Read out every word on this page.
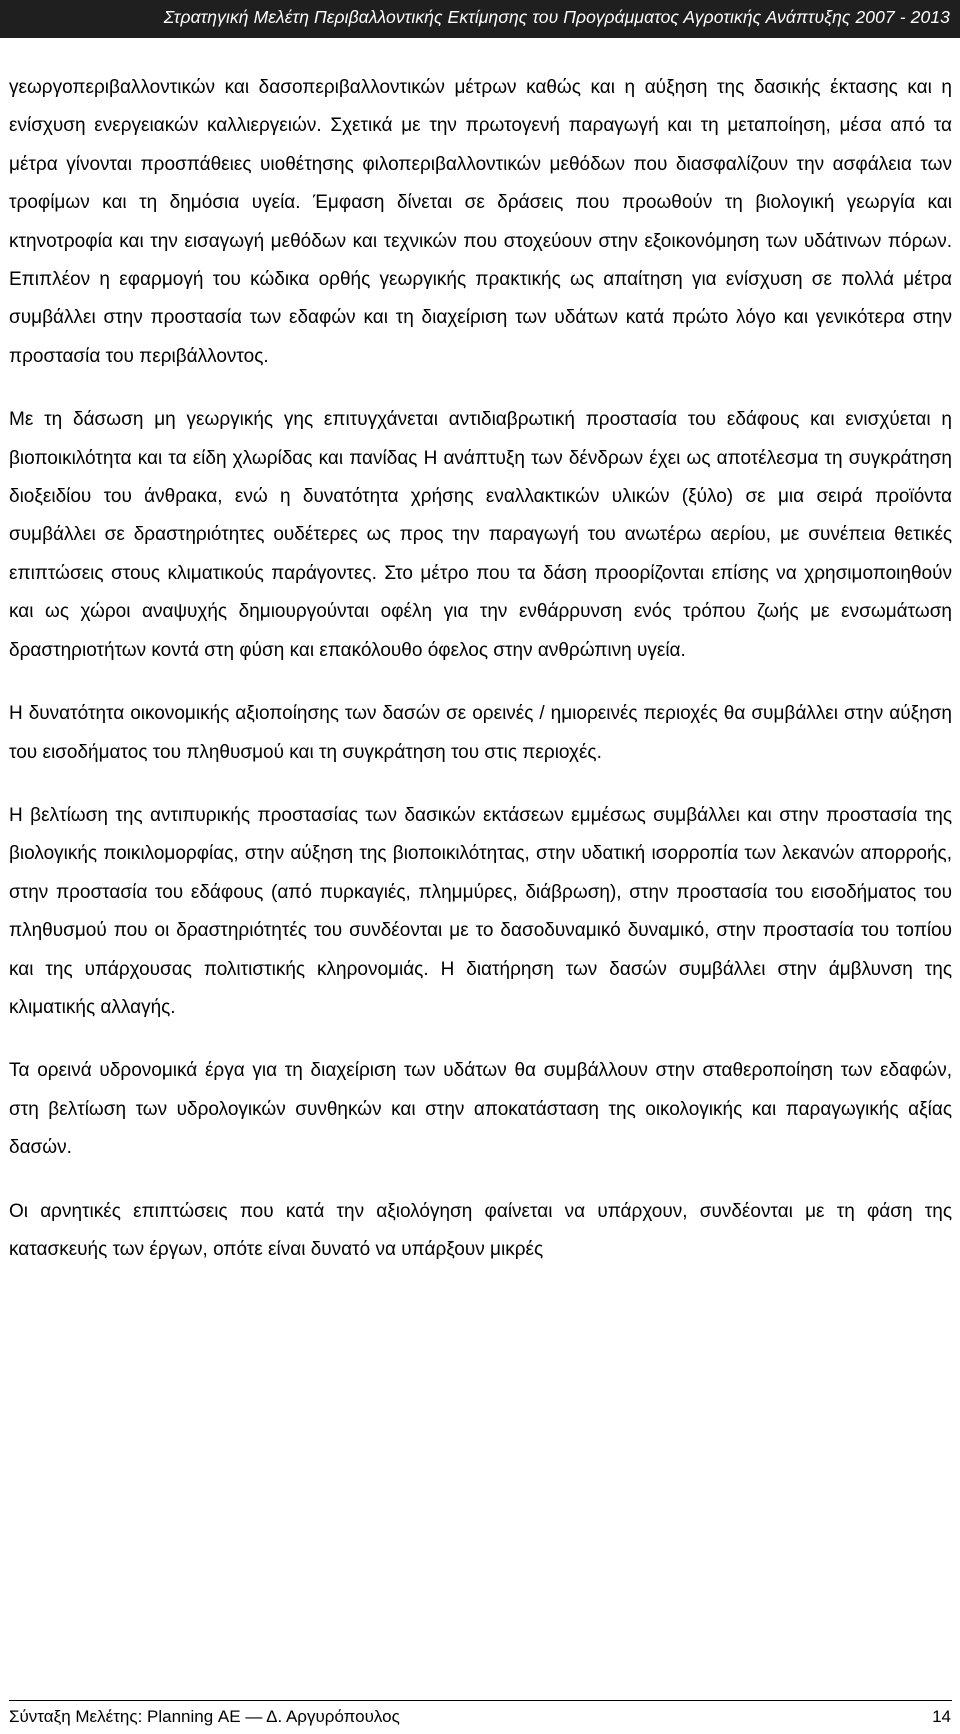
Στρατηγική Μελέτη Περιβαλλοντικής Εκτίμησης του Προγράμματος Αγροτικής Ανάπτυξης 2007 - 2013

γεωργοπεριβαλλοντικών και δασοπεριβαλλοντικών μέτρων καθώς και η αύξηση της δασικής έκτασης και η ενίσχυση ενεργειακών καλλιεργειών. Σχετικά με την πρωτογενή παραγωγή και τη μεταποίηση, μέσα από τα μέτρα γίνονται προσπάθειες υιοθέτησης φιλοπεριβαλλοντικών μεθόδων που διασφαλίζουν την ασφάλεια των τροφίμων και τη δημόσια υγεία. Έμφαση δίνεται σε δράσεις που προωθούν τη βιολογική γεωργία και κτηνοτροφία και την εισαγωγή μεθόδων και τεχνικών που στοχεύουν στην εξοικονόμηση των υδάτινων πόρων. Επιπλέον η εφαρμογή του κώδικα ορθής γεωργικής πρακτικής ως απαίτηση για ενίσχυση σε πολλά μέτρα συμβάλλει στην προστασία των εδαφών και τη διαχείριση των υδάτων κατά πρώτο λόγο και γενικότερα στην προστασία του περιβάλλοντος.

Με τη δάσωση μη γεωργικής γης επιτυγχάνεται αντιδιαβρωτική προστασία του εδάφους και ενισχύεται η βιοποικιλότητα και τα είδη χλωρίδας και πανίδας Η ανάπτυξη των δένδρων έχει ως αποτέλεσμα τη συγκράτηση διοξειδίου του άνθρακα, ενώ η δυνατότητα χρήσης εναλλακτικών υλικών (ξύλο) σε μια σειρά προϊόντα συμβάλλει σε δραστηριότητες ουδέτερες ως προς την παραγωγή του ανωτέρω αερίου, με συνέπεια θετικές επιπτώσεις στους κλιματικούς παράγοντες. Στο μέτρο που τα δάση προορίζονται επίσης να χρησιμοποιηθούν και ως χώροι αναψυχής δημιουργούνται οφέλη για την ενθάρρυνση ενός τρόπου ζωής με ενσωμάτωση δραστηριοτήτων κοντά στη φύση και επακόλουθο όφελος στην ανθρώπινη υγεία.

Η δυνατότητα οικονομικής αξιοποίησης των δασών σε ορεινές / ημιορεινές περιοχές θα συμβάλλει στην αύξηση του εισοδήματος του πληθυσμού και τη συγκράτηση του στις περιοχές.

Η βελτίωση της αντιπυρικής προστασίας των δασικών εκτάσεων εμμέσως συμβάλλει και στην προστασία της βιολογικής ποικιλομορφίας, στην αύξηση της βιοποικιλότητας, στην υδατική ισορροπία των λεκανών απορροής, στην προστασία του εδάφους (από πυρκαγιές, πλημμύρες, διάβρωση), στην προστασία του εισοδήματος του πληθυσμού που οι δραστηριότητές του συνδέονται με το δασοδυναμικό δυναμικό, στην προστασία του τοπίου και της υπάρχουσας πολιτιστικής κληρονομιάς. Η διατήρηση των δασών συμβάλλει στην άμβλυνση της κλιματικής αλλαγής.

Τα ορεινά υδρονομικά έργα για τη διαχείριση των υδάτων θα συμβάλλουν στην σταθεροποίηση των εδαφών, στη βελτίωση των υδρολογικών συνθηκών και στην αποκατάσταση της οικολογικής και παραγωγικής αξίας δασών.

Οι αρνητικές επιπτώσεις που κατά την αξιολόγηση φαίνεται να υπάρχουν, συνδέονται με τη φάση της κατασκευής των έργων, οπότε είναι δυνατό να υπάρξουν μικρές

Σύνταξη Μελέτης: Planning ΑΕ — Δ. Αργυρόπουλος	14
